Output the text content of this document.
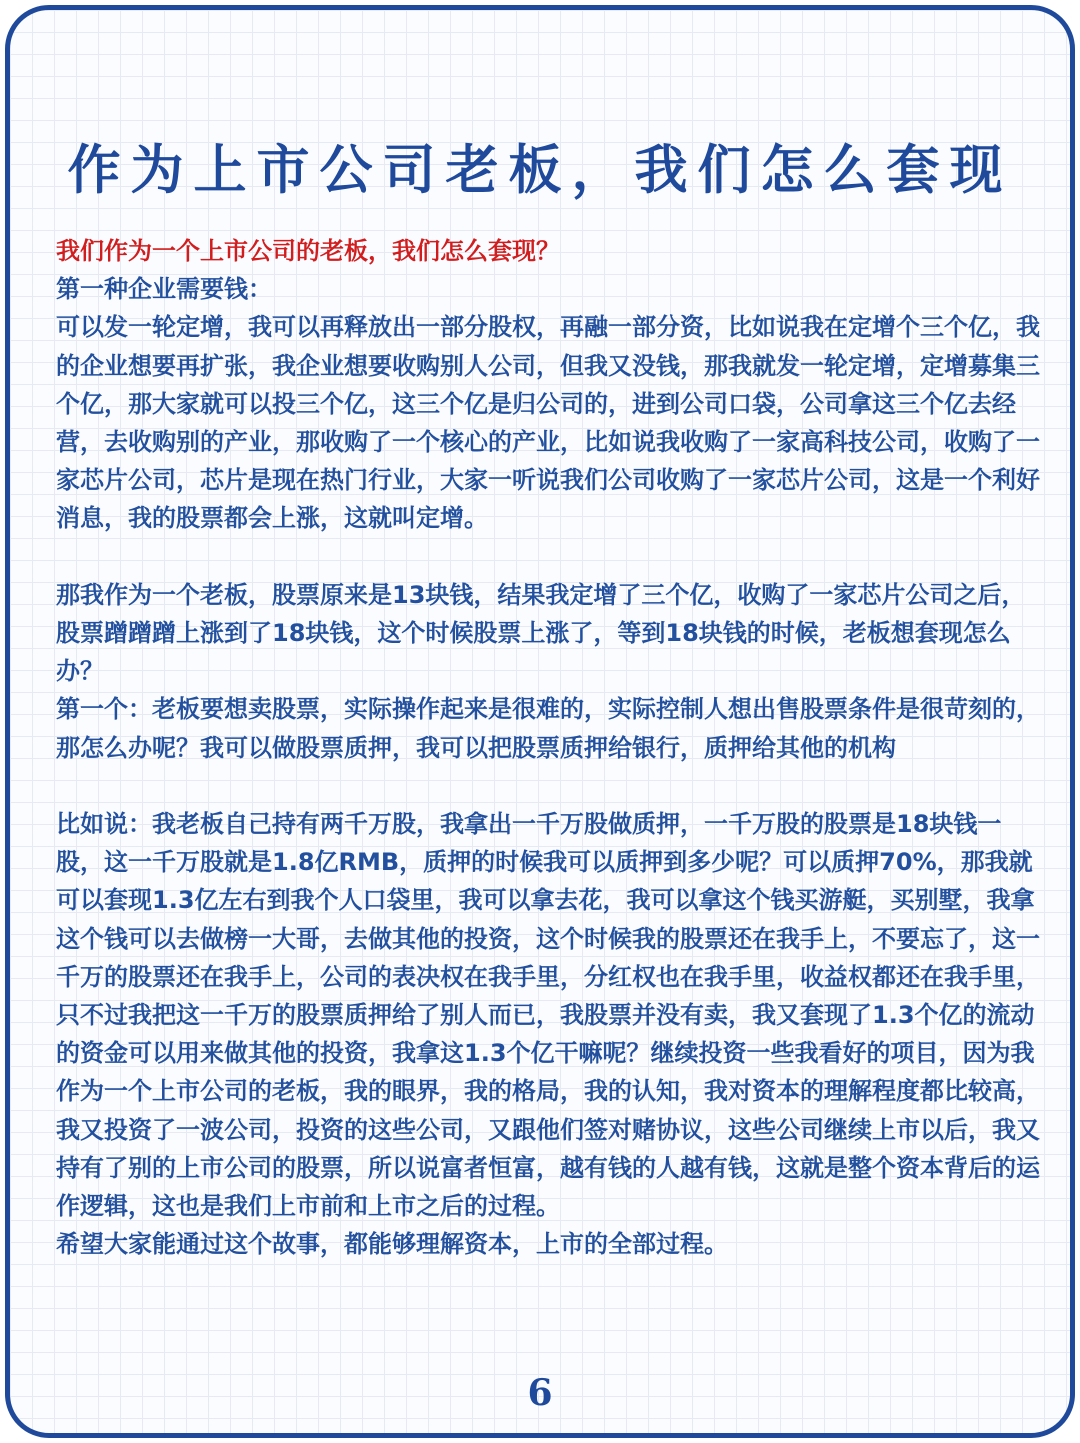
作为上市公司老板，我们怎么套现

我们作为一个上市公司的老板，我们怎么套现？

第一种企业需要钱：

可以发一轮定增，我可以再释放出一部分股权，再融一部分资，比如说我在定增个三个亿，我的企业想要再扩张，我企业想要收购别人公司，但我又没钱，那我就发一轮定增，定增募集三个亿，那大家就可以投三个亿，这三个亿是归公司的，进到公司口袋，公司拿这三个亿去经营，去收购别的产业，那收购了一个核心的产业，比如说我收购了一家高科技公司，收购了一家芯片公司，芯片是现在热门行业，大家一听说我们公司收购了一家芯片公司，这是一个利好消息，我的股票都会上涨，这就叫定增。

那我作为一个老板，股票原来是13块钱，结果我定增了三个亿，收购了一家芯片公司之后，股票蹭蹭蹭上涨到了18块钱，这个时候股票上涨了，等到18块钱的时候，老板想套现怎么办？

第一个：老板要想卖股票，实际操作起来是很难的，实际控制人想出售股票条件是很苛刻的，那怎么办呢？我可以做股票质押，我可以把股票质押给银行，质押给其他的机构

比如说：我老板自己持有两千万股，我拿出一千万股做质押，一千万股的股票是18块钱一股，这一千万股就是1.8亿RMB，质押的时候我可以质押到多少呢？可以质押70%，那我就可以套现1.3亿左右到我个人口袋里，我可以拿去花，我可以拿这个钱买游艇，买别墅，我拿这个钱可以去做榜一大哥，去做其他的投资，这个时候我的股票还在我手上，不要忘了，这一千万的股票还在我手上，公司的表决权在我手里，分红权也在我手里，收益权都还在我手里，只不过我把这一千万的股票质押给了别人而已，我股票并没有卖，我又套现了1.3个亿的流动的资金可以用来做其他的投资，我拿这1.3个亿干嘛呢？继续投资一些我看好的项目，因为我作为一个上市公司的老板，我的眼界，我的格局，我的认知，我对资本的理解程度都比较高，我又投资了一波公司，投资的这些公司，又跟他们签对赌协议，这些公司继续上市以后，我又持有了别的上市公司的股票，所以说富者恒富，越有钱的人越有钱，这就是整个资本背后的运作逻辑，这也是我们上市前和上市之后的过程。

希望大家能通过这个故事，都能够理解资本，上市的全部过程。

6
